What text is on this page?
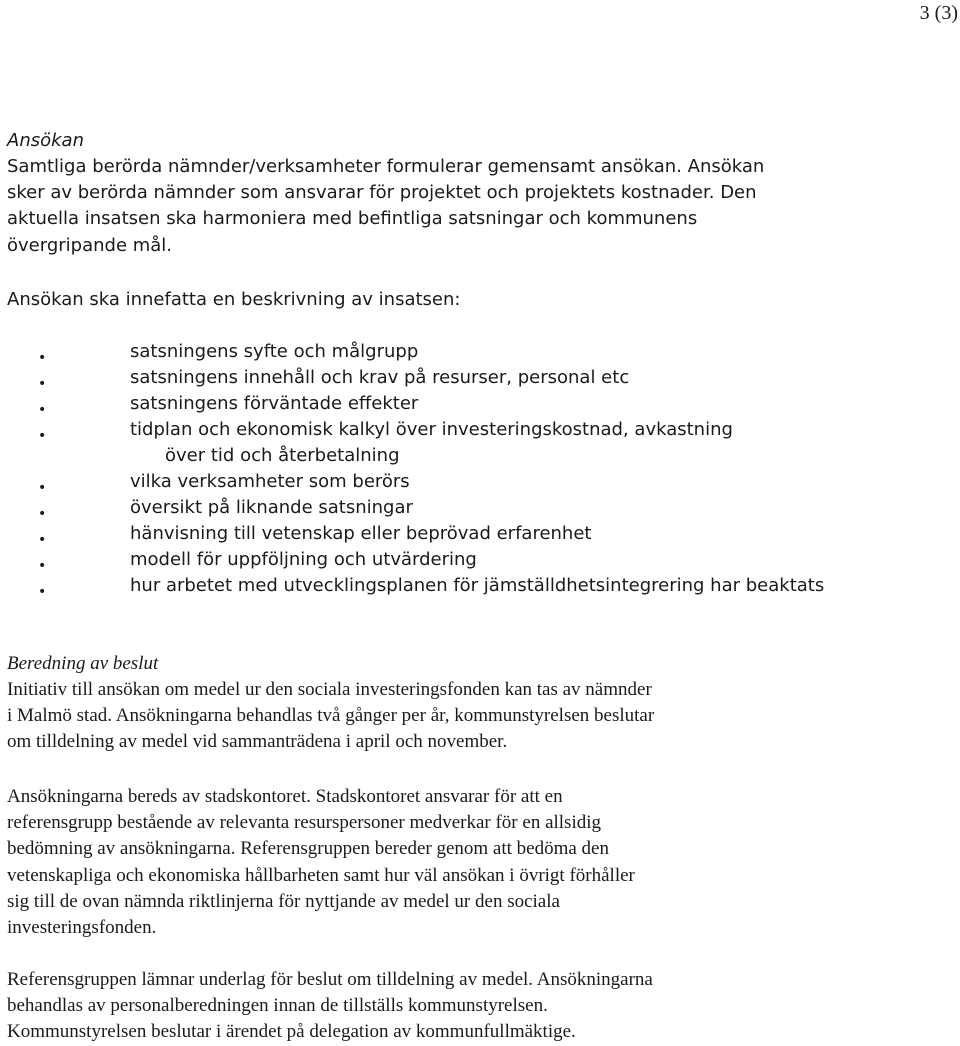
3 (3)
Ansökan

Samtliga berörda nämnder/verksamheter formulerar gemensamt ansökan. Ansökan

sker av berörda nämnder som ansvarar för projektet och projektets kostnader. Den

aktuella insatsen ska harmoniera med befintliga satsningar och kommunens

övergripande mål.

Ansökan ska innefatta en beskrivning av insatsen:

•	satsningens syfte och målgrupp
•	satsningens innehåll och krav på resurser, personal etc
•	satsningens förväntade effekter
•	tidplan och ekonomisk kalkyl över investeringskostnad, avkastning
över tid och återbetalning
•	vilka verksamheter som berörs
•	översikt på liknande satsningar
•	hänvisning till vetenskap eller beprövad erfarenhet
•	modell för uppföljning och utvärdering
•	hur arbetet med utvecklingsplanen för jämställdhetsintegrering har beaktats
Beredning av beslut

Initiativ till ansökan om medel ur den sociala investeringsfonden kan tas av nämnder

i Malmö stad. Ansökningarna behandlas två gånger per år, kommunstyrelsen beslutar

om tilldelning av medel vid sammanträdena i april och november.

Ansökningarna bereds av stadskontoret. Stadskontoret ansvarar för att en

referensgrupp bestående av relevanta resurspersoner medverkar för en allsidig

bedömning av ansökningarna. Referensgruppen bereder genom att bedöma den

vetenskapliga och ekonomiska hållbarheten samt hur väl ansökan i övrigt förhåller

sig till de ovan nämnda riktlinjerna för nyttjande av medel ur den sociala

investeringsfonden.

Referensgruppen lämnar underlag för beslut om tilldelning av medel. Ansökningarna

behandlas av personalberedningen innan de tillställs kommunstyrelsen.

Kommunstyrelsen beslutar i ärendet på delegation av kommunfullmäktige.
